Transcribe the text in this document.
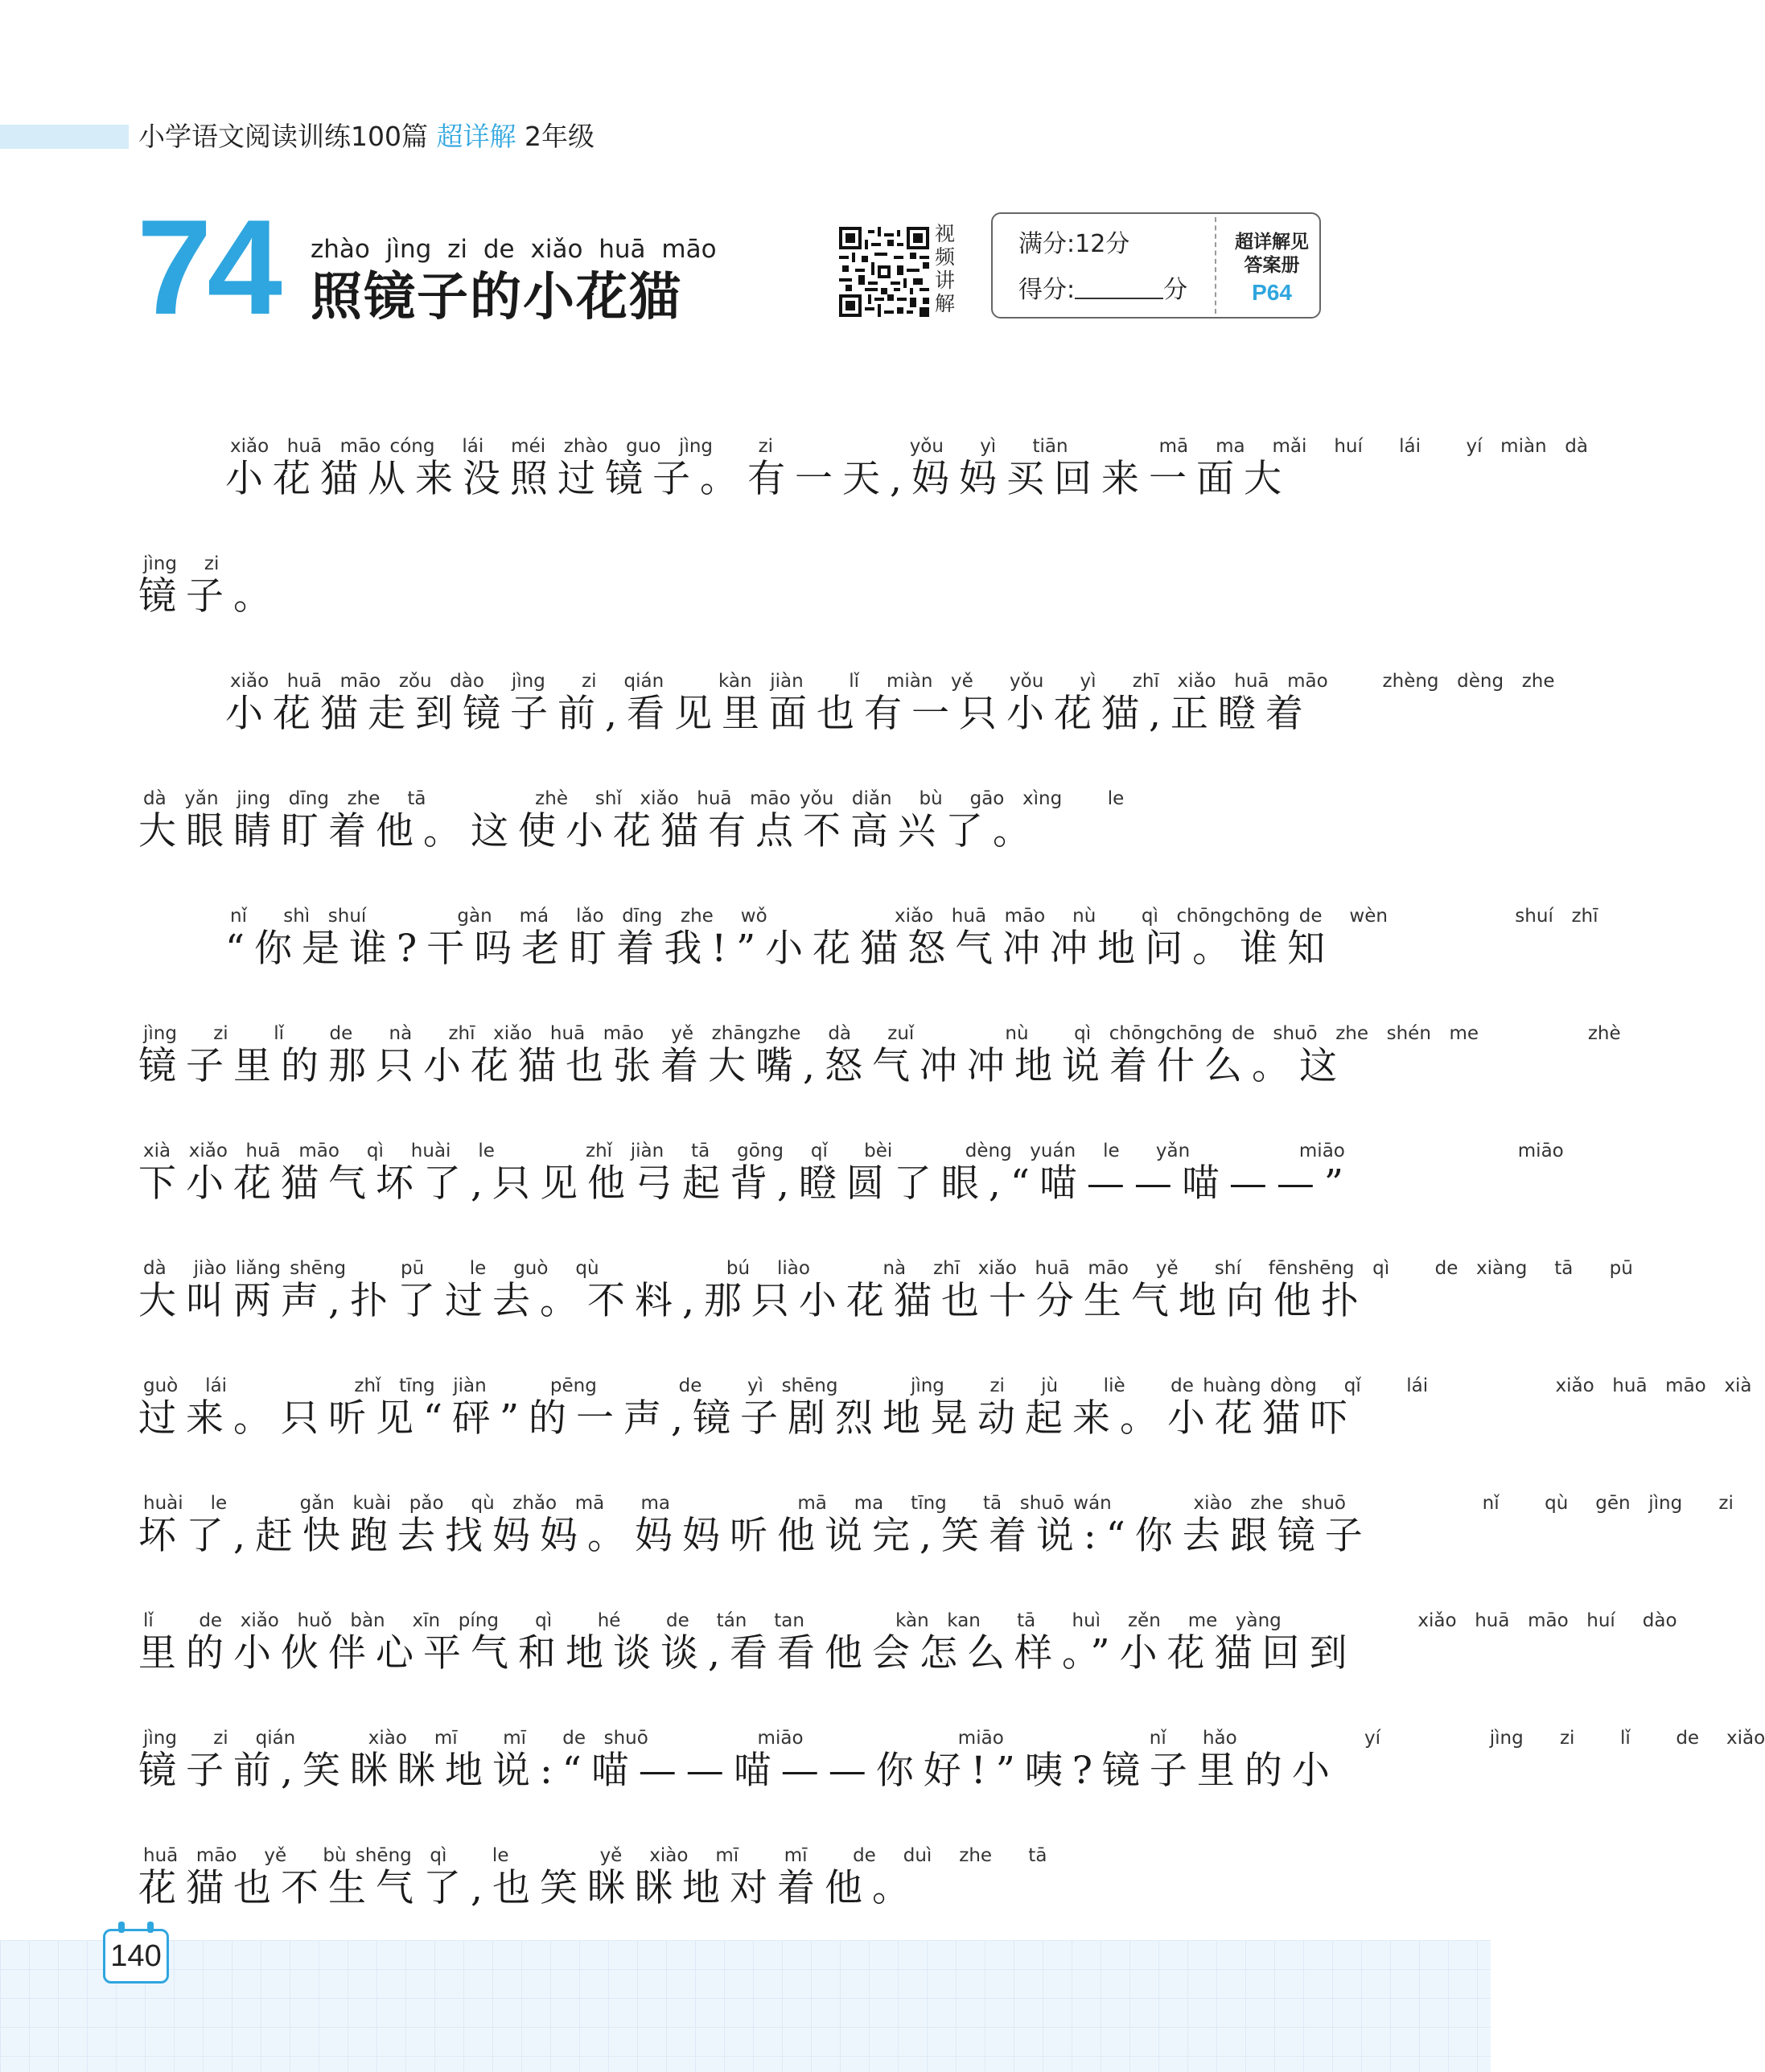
小学语文阅读训练100篇 超详解 2年级
74 zhào jìng zi de xiǎo huā māo
照镜子的小花猫
视频讲解
满分:12分
得分:	分
超详解见
答案册
P64
xiǎo  huā  māo cóng   lái   méi  zhào  guo  jìng     zi               yǒu    yì    tiān          mā   ma   mǎi   huí    lái     yí  miàn  dà
小花猫从来没照过镜子。有一天,妈妈买回来一面大
jìng   zi
镜子。
xiǎo  huā  māo  zǒu  dào   jìng    zi   qián      kàn  jiàn     lǐ   miàn  yě    yǒu    yì    zhī  xiǎo  huā  māo      zhèng  dèng  zhe
小花猫走到镜子前,看见里面也有一只小花猫,正瞪着
dà  yǎn  jing  dīng  zhe   tā            zhè   shǐ  xiǎo  huā  māo yǒu  diǎn   bù   gāo  xìng     le
大眼睛盯着他。这使小花猫有点不高兴了。
nǐ    shì  shuí          gàn   má   lǎo  dīng  zhe   wǒ              xiǎo  huā  māo   nù     qì  chōngchōng de   wèn              shuí  zhī
“你是谁?干吗老盯着我!”小花猫怒气冲冲地问。谁知
jìng    zi     lǐ     de    nà    zhī  xiǎo  huā  māo   yě  zhāngzhe   dà    zuǐ          nù     qì  chōngchōng de  shuō  zhe  shén  me            zhè
镜子里的那只小花猫也张着大嘴,怒气冲冲地说着什么。这
xià  xiǎo  huā  māo   qì   huài   le          zhǐ  jiàn   tā   gōng   qǐ    bèi        dèng  yuán   le    yǎn            miāo                   miāo
下小花猫气坏了,只见他弓起背,瞪圆了眼,“喵——喵——”
dà   jiào liǎng shēng      pū     le   guò   qù              bú   liào        nà   zhī  xiǎo  huā  māo   yě    shí   fēnshēng  qì     de  xiàng   tā    pū
大叫两声,扑了过去。不料,那只小花猫也十分生气地向他扑
guò   lái              zhǐ  tīng  jiàn       pēng         de     yì  shēng        jìng     zi    jù     liè     de huàng dòng   qǐ     lái              xiǎo  huā  māo  xià
过来。只听见“砰”的一声,镜子剧烈地晃动起来。小花猫吓
huài   le        gǎn  kuài  pǎo   qù  zhǎo  mā    ma              mā   ma   tīng    tā  shuō wán         xiào  zhe  shuō               nǐ     qù   gēn  jìng    zi
坏了,赶快跑去找妈妈。妈妈听他说完,笑着说:“你去跟镜子
lǐ     de  xiǎo  huǒ  bàn   xīn  píng    qì     hé     de   tán   tan          kàn  kan    tā    huì   zěn   me  yàng               xiǎo  huā  māo  huí   dào
里的小伙伴心平气和地谈谈,看看他会怎么样。”小花猫回到
jìng    zi   qián        xiào   mī     mī    de  shuō            miāo                 miāo                nǐ    hǎo              yí            jìng    zi     lǐ     de   xiǎo
镜子前,笑眯眯地说:“喵——喵——你好!”咦?镜子里的小
huā  māo   yě    bù shēng  qì     le          yě   xiào   mī     mī     de   duì   zhe    tā
花猫也不生气了,也笑眯眯地对着他。
140
